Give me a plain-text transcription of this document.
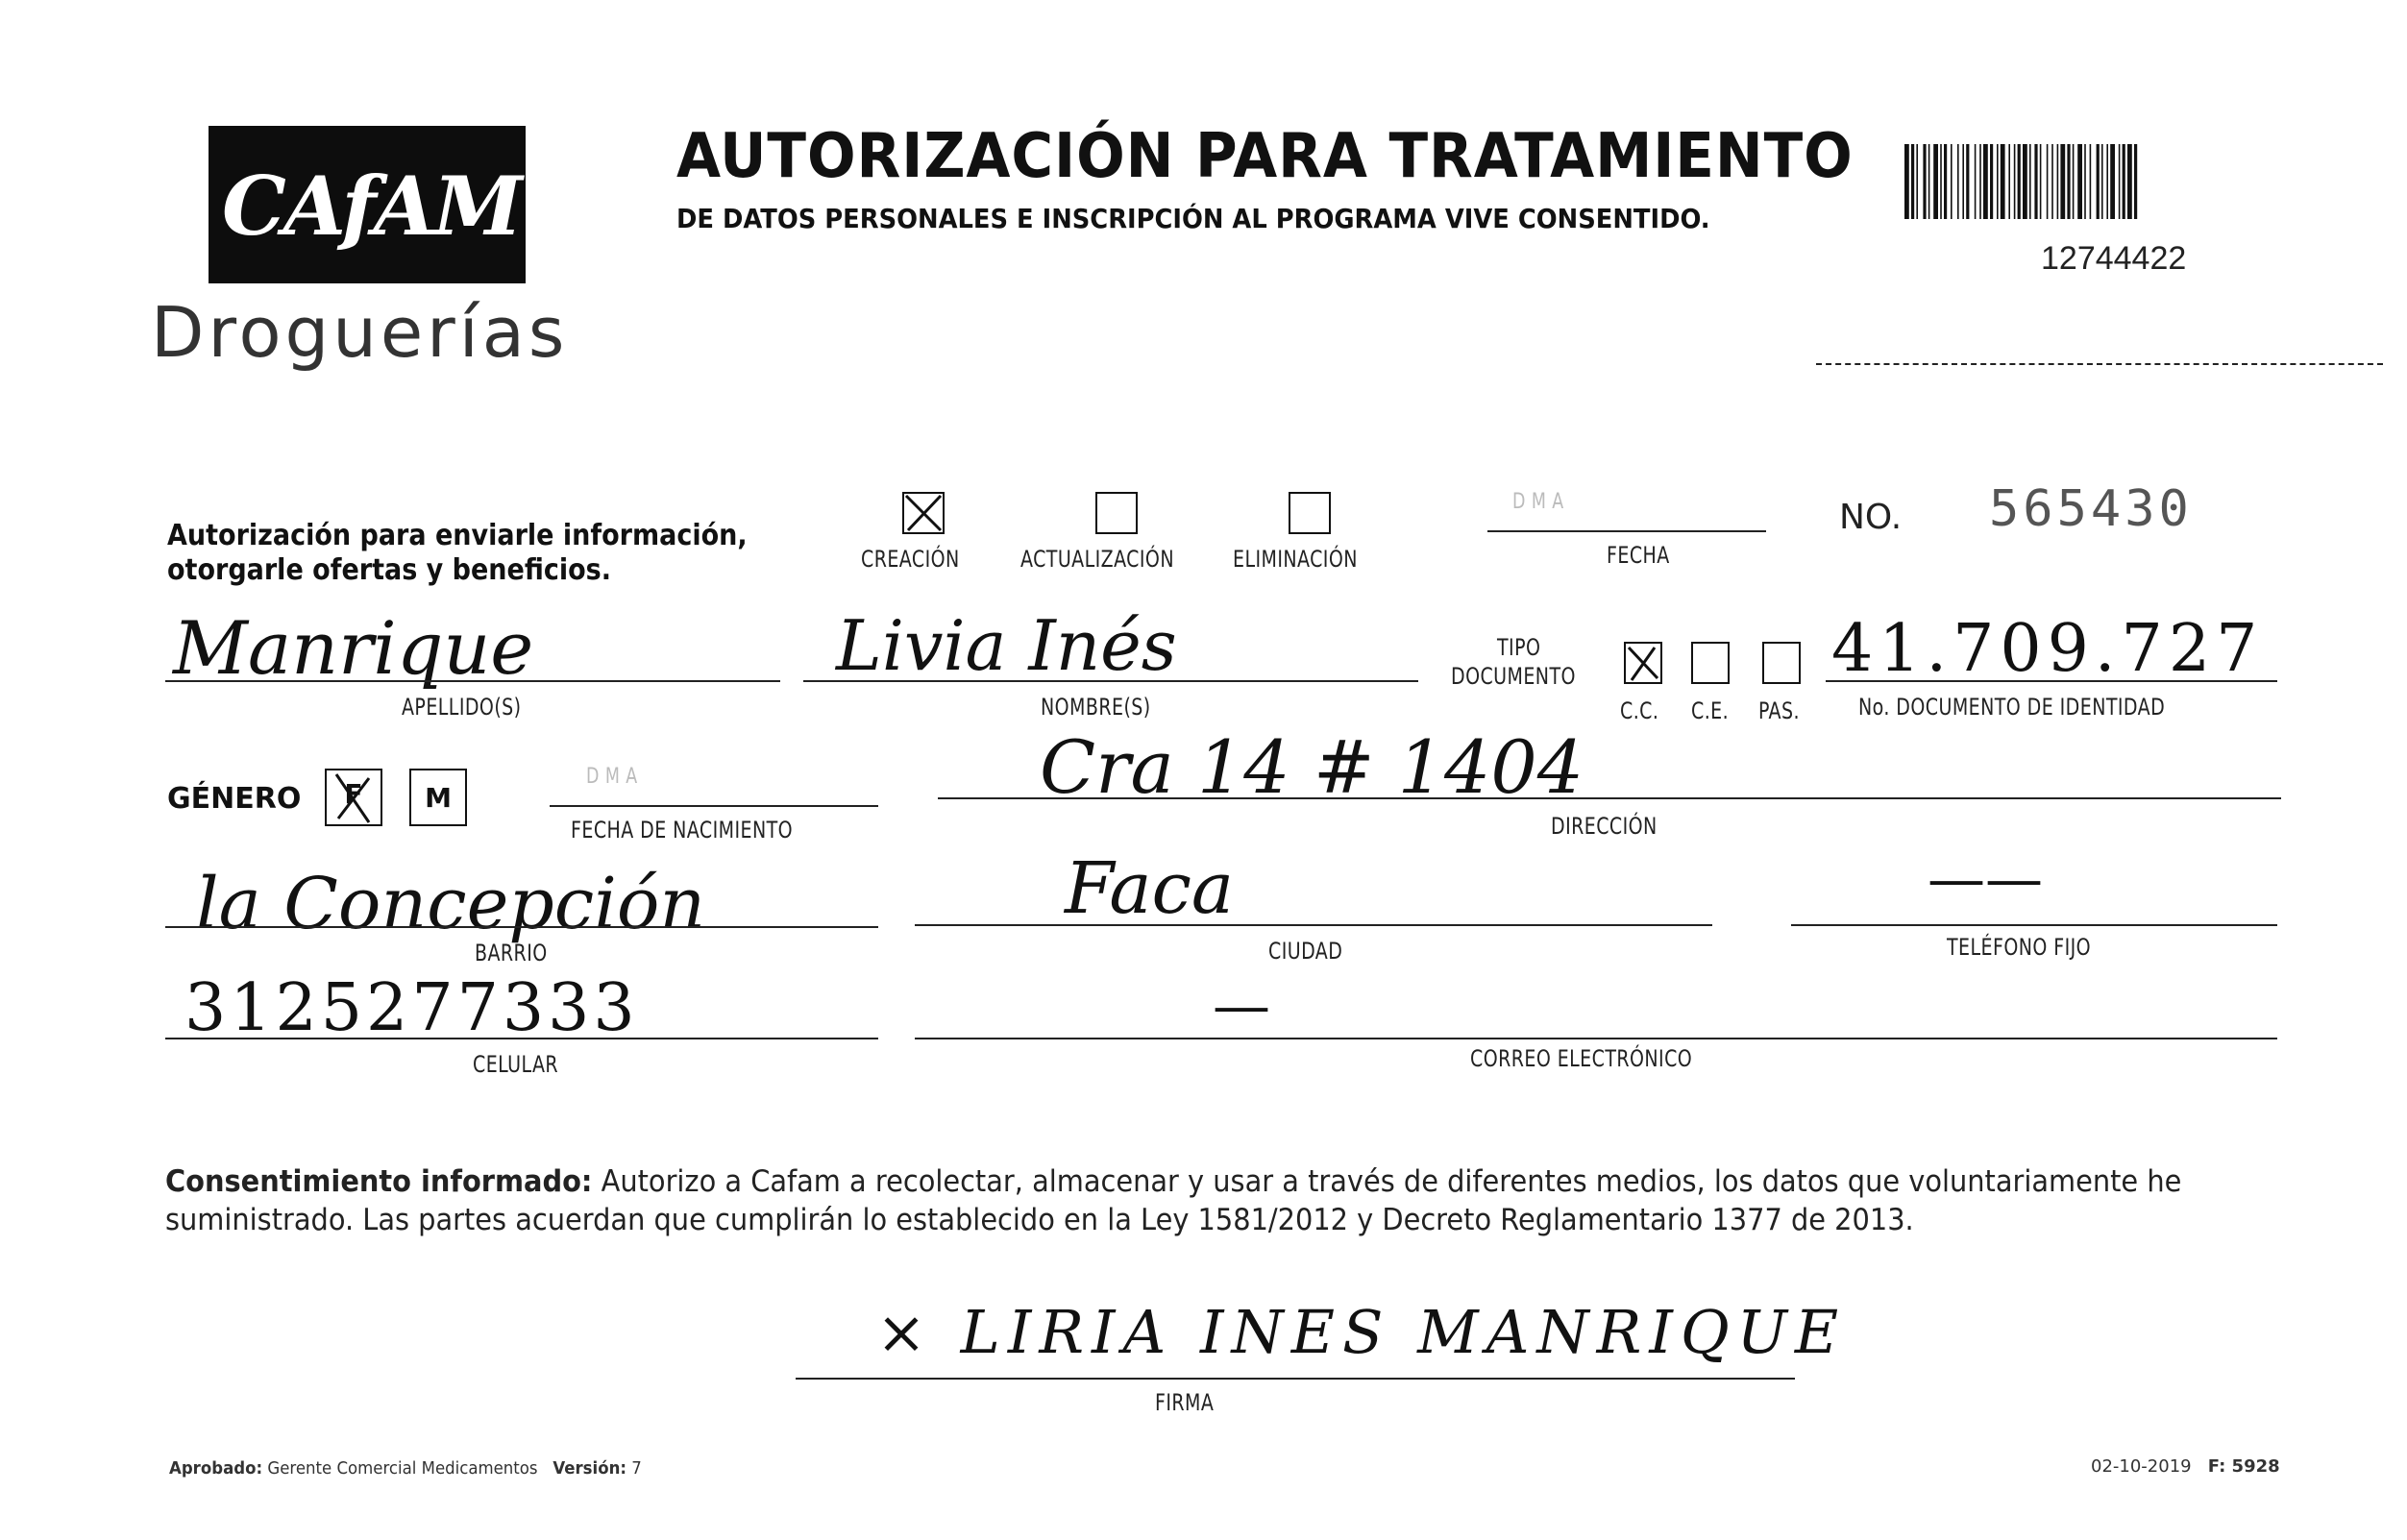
CAfAM
Droguerías
AUTORIZACIÓN PARA TRATAMIENTO
DE DATOS PERSONALES E INSCRIPCIÓN AL PROGRAMA VIVE CONSENTIDO.
12744422
Autorización para enviarle información,
otorgarle ofertas y beneficios.	CREACIÓN	ACTUALIZACIÓN	ELIMINACIÓN
D M A
FECHA
NO. 565430
Manrique
APELLIDO(S)
Livia Inés
NOMBRE(S)
TIPO
DOCUMENTO
C.C. C.E. PAS.
41.709.727
No. DOCUMENTO DE IDENTIDAD
GÉNERO	F	M
D M A
FECHA DE NACIMIENTO
Cra 14 # 1404
DIRECCIÓN
la Concepción
BARRIO
Faca
CIUDAD
——
TELÉFONO FIJO
3125277333
CELULAR
—
CORREO ELECTRÓNICO
Consentimiento informado: Autorizo a Cafam a recolectar, almacenar y usar a través de diferentes medios, los datos que voluntariamente he
suministrado. Las partes acuerdan que cumplirán lo establecido en la Ley 1581/2012 y Decreto Reglamentario 1377 de 2013.
× LIRIA INES MANRIQUE
FIRMA
Aprobado: Gerente Comercial Medicamentos Versión: 7	02-10-2019 F: 5928
